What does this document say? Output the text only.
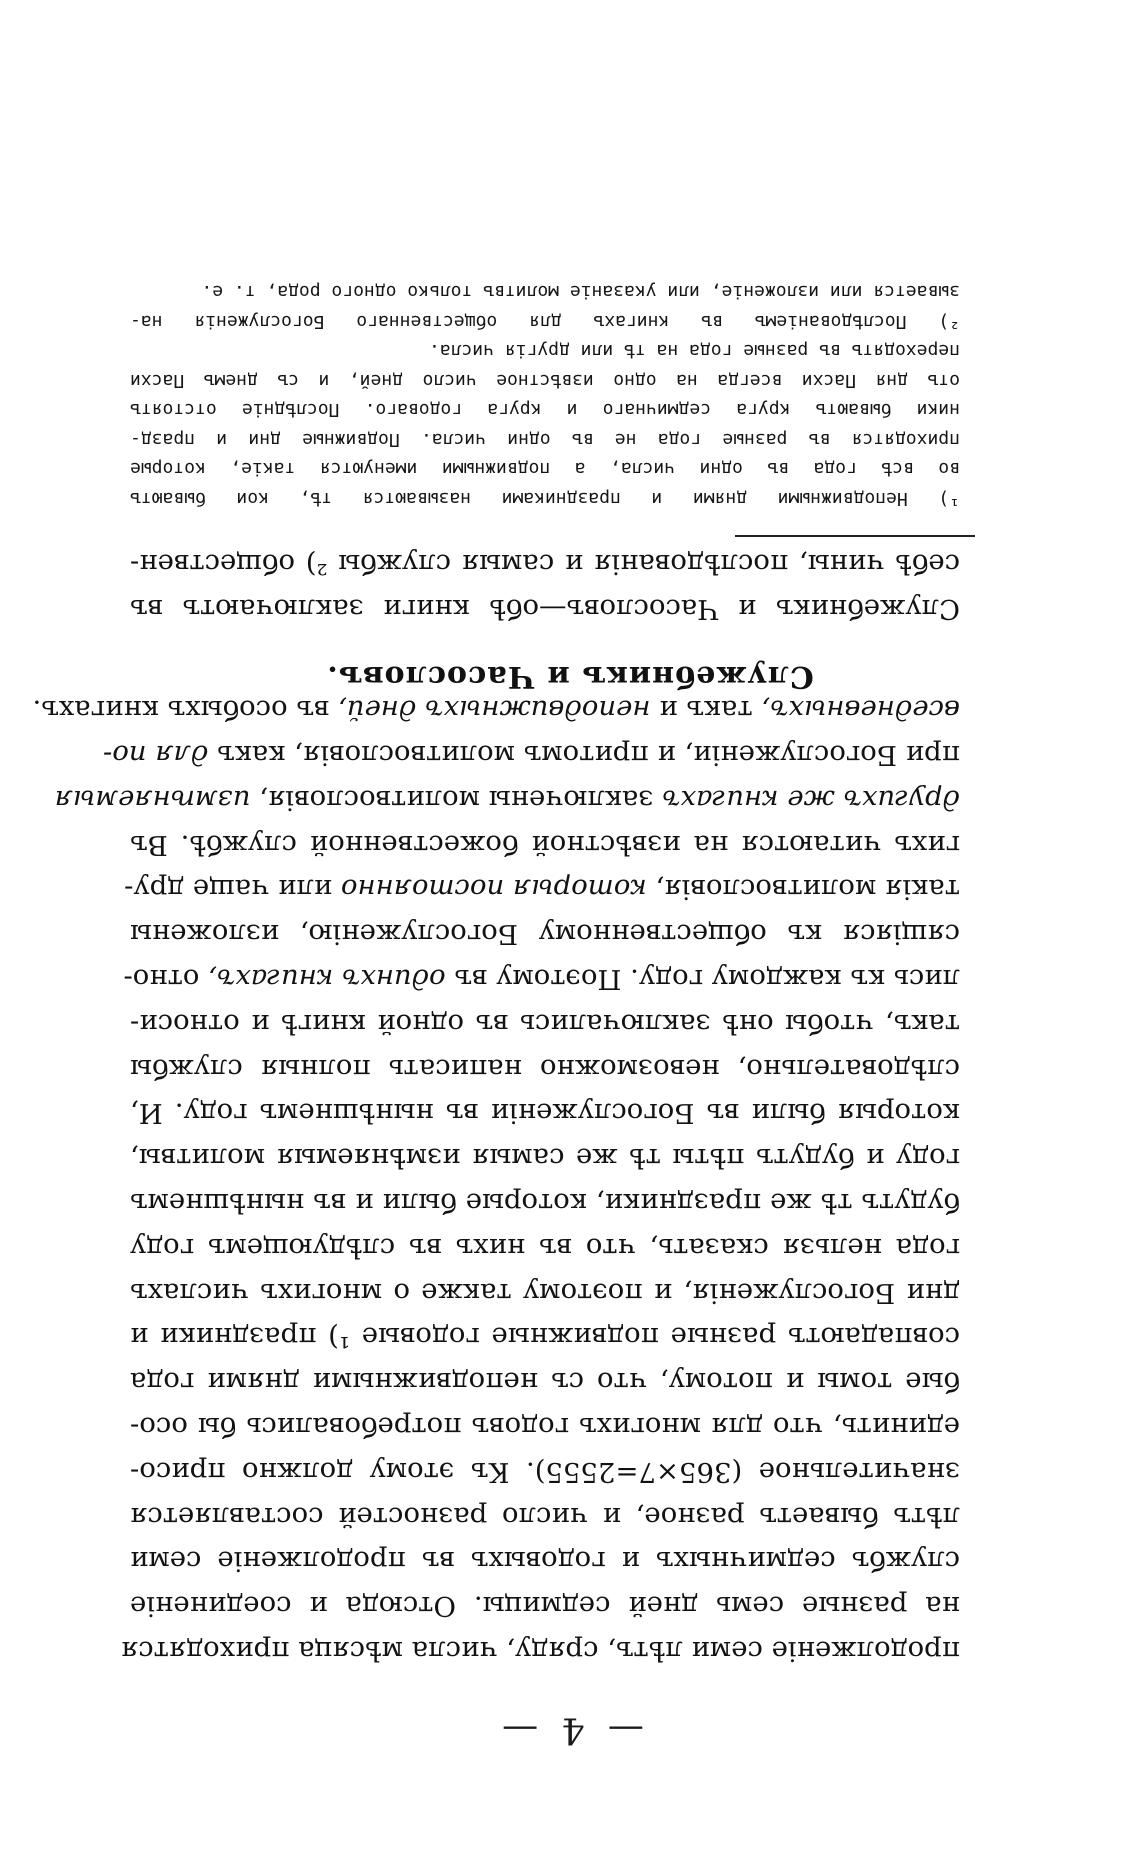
— 4 —
продолженіе семи лѣтъ, сряду, числа мѣсяца приходятся
на разные семь дней седмицы. Отсюда и соединеніе
службъ седмичныхъ и годовыхъ въ продолженіе семи
лѣтъ бываетъ разное, и число разностей составляется
значительное (365×7=2555). Къ этому должно присо-
единить, что для многихъ годовъ потребовались бы осо-
бые томы и потому, что съ неподвижными днями года
совпадаютъ разные подвижные годовые ¹) праздники и
дни Богослуженія, и поэтому также о многихъ числахъ
года нельзя сказать, что въ нихъ въ слѣдующемъ году
будутъ тѣ же праздники, которые были и въ нынѣшнемъ
году и будутъ пѣты тѣ же самыя измѣняемыя молитвы,
которыя были въ Богослуженіи въ нынѣшнемъ году. И,
слѣдовательно, невозможно написать полныя службы
такъ, чтобы онѣ заключались въ одной книгѣ и относи-
лись къ каждому году. Поэтому въ одинхъ книгахъ, отно-
сящіяся къ общественному Богослуженію, изложены
такія молитвословія, которыя постоянно или чаще дру-
гихъ читаются на извѣстной божественной службѣ. Въ
другихъ же книгахъ заключены молитвословія, измѣняемыя
при Богослуженіи, и притомъ молитвословія, какъ для по-
вседневныхъ, такъ и неподвижныхъ дней, въ особыхъ книгахъ.
Служебникъ и Часословъ.
Служебникъ и Часословъ—обѣ книги заключаютъ въ
себѣ чины, послѣдованія и самыя службы ²) обществен-
¹) Неподвижными днями и праздниками называются тѣ, кои бываютъ
во всѣ года въ одни числа, а подвижными именуются такіе, которые
приходятся въ разные года не въ одни числа. Подвижные дни и празд-
ники бываютъ круга седмичнаго и круга годоваго. Послѣдніе отстоятъ
отъ дня Пасхи всегда на одно извѣстное число дней, и съ днемъ Пасхи
переходятъ въ разные года на тѣ или другія числа.
²) Послѣдованіемъ въ книгахъ для общественнаго Богослуженія на-
зывается или изложеніе, или указаніе молитвъ только одного рода, т. е.
